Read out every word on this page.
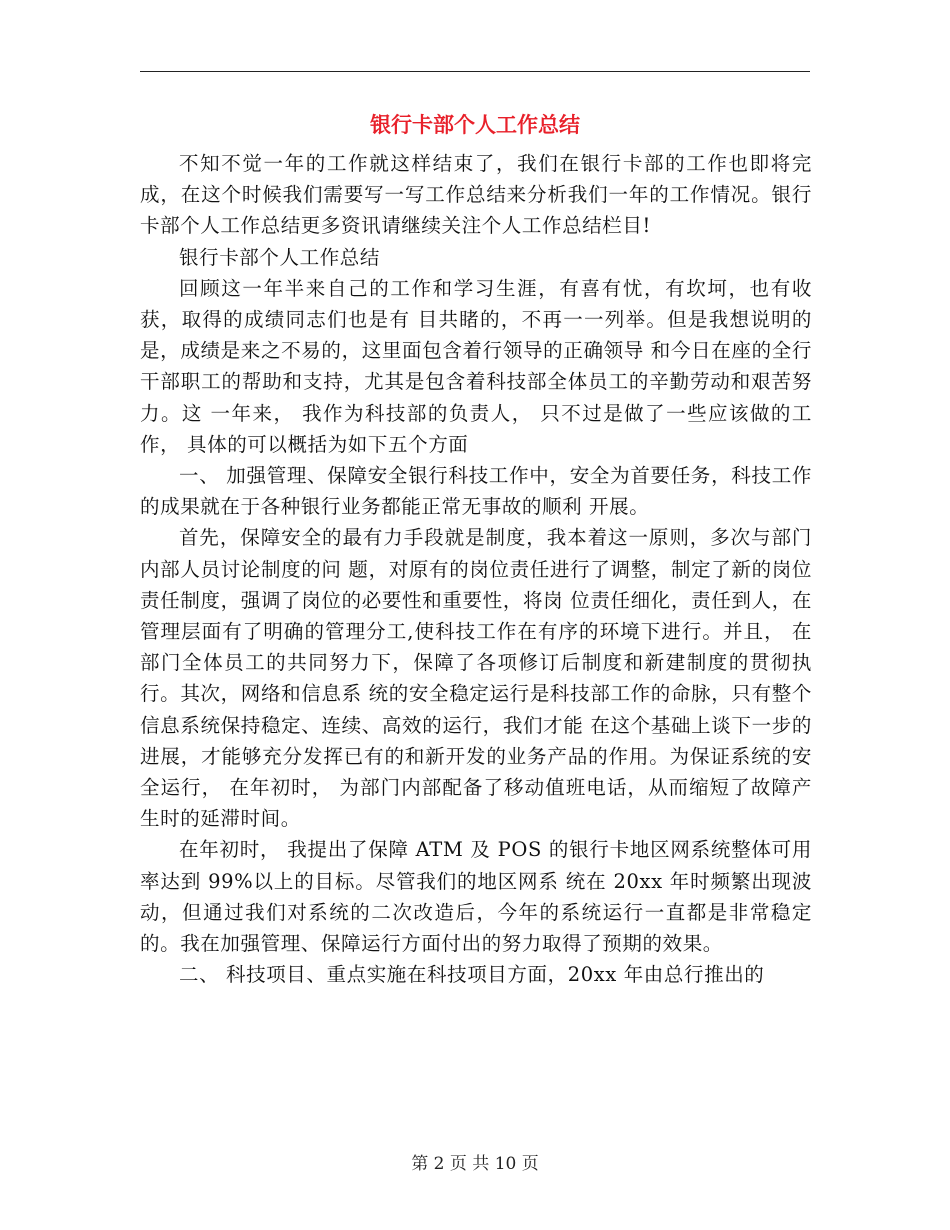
银行卡部个人工作总结

不知不觉一年的工作就这样结束了，我们在银行卡部的工作也即将完成，在这个时候我们需要写一写工作总结来分析我们一年的工作情况。银行卡部个人工作总结更多资讯请继续关注个人工作总结栏目!

银行卡部个人工作总结

回顾这一年半来自己的工作和学习生涯，有喜有忧，有坎坷，也有收获，取得的成绩同志们也是有 目共睹的，不再一一列举。但是我想说明的是，成绩是来之不易的，这里面包含着行领导的正确领导 和今日在座的全行干部职工的帮助和支持，尤其是包含着科技部全体员工的辛勤劳动和艰苦努力。这 一年来， 我作为科技部的负责人， 只不过是做了一些应该做的工作， 具体的可以概括为如下五个方面

一、 加强管理、保障安全银行科技工作中，安全为首要任务，科技工作的成果就在于各种银行业务都能正常无事故的顺利 开展。

首先，保障安全的最有力手段就是制度，我本着这一原则，多次与部门内部人员讨论制度的问 题，对原有的岗位责任进行了调整，制定了新的岗位责任制度，强调了岗位的必要性和重要性，将岗 位责任细化，责任到人，在管理层面有了明确的管理分工,使科技工作在有序的环境下进行。并且， 在部门全体员工的共同努力下，保障了各项修订后制度和新建制度的贯彻执行。其次，网络和信息系 统的安全稳定运行是科技部工作的命脉，只有整个信息系统保持稳定、连续、高效的运行，我们才能 在这个基础上谈下一步的进展，才能够充分发挥已有的和新开发的业务产品的作用。为保证系统的安 全运行， 在年初时， 为部门内部配备了移动值班电话，从而缩短了故障产生时的延滞时间。

在年初时， 我提出了保障 ATM 及 POS 的银行卡地区网系统整体可用率达到 99%以上的目标。尽管我们的地区网系 统在 20xx 年时频繁出现波动，但通过我们对系统的二次改造后，今年的系统运行一直都是非常稳定 的。我在加强管理、保障运行方面付出的努力取得了预期的效果。

二、 科技项目、重点实施在科技项目方面，20xx 年由总行推出的

第 2 页 共 10 页
